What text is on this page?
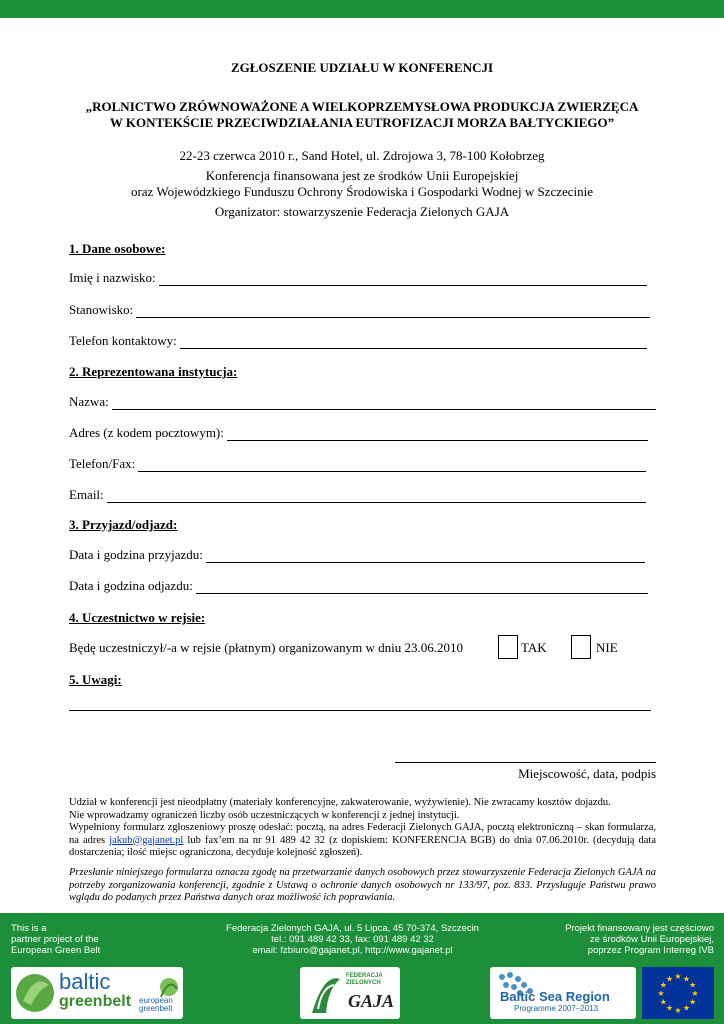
ZGŁOSZENIE UDZIAŁU W KONFERENCJI
„ROLNICTWO ZRÓWNOWAŻONE A WIELKOPRZEMYSŁOWA PRODUKCJA ZWIERZĘCA
W KONTEKŚCIE PRZECIWDZIAŁANIA EUTROFIZACJI MORZA BAŁTYCKIEGO”
22-23 czerwca 2010 r., Sand Hotel, ul. Zdrojowa 3, 78-100 Kołobrzeg
Konferencja finansowana jest ze środków Unii Europejskiej
oraz Wojewódzkiego Funduszu Ochrony Środowiska i Gospodarki Wodnej w Szczecinie
Organizator: stowarzyszenie Federacja Zielonych GAJA
1. Dane osobowe:
Imię i nazwisko:
Stanowisko:
Telefon kontaktowy:
2. Reprezentowana instytucja:
Nazwa:
Adres (z kodem pocztowym):
Telefon/Fax:
Email:
3. Przyjazd/odjazd:
Data i godzina przyjazdu:
Data i godzina odjazdu:
4. Uczestnictwo w rejsie:
Będę uczestniczył/-a w rejsie (płatnym) organizowanym w dniu 23.06.2010	TAK	NIE
5. Uwagi:
Miejscowość, data, podpis
Udział w konferencji jest nieodpłatny (materiały konferencyjne, zakwaterowanie, wyżywienie). Nie zwracamy kosztów dojazdu.
Nie wprowadzamy ograniczeń liczby osób uczestniczących w konferencji z jednej instytucji.
Wypełniony formularz zgłoszeniowy proszę odesłać: pocztą, na adres Federacji Zielonych GAJA, pocztą elektroniczną – skan formularza, na adres jakub@gajanet.pl lub fax’em na nr 91 489 42 32 (z dopiskiem: KONFERENCJA BGB) do dnia 07.06.2010r. (decydują data dostarczenia; ilość miejsc ograniczona, decyduje kolejność zgłoszeń).
Przesłanie niniejszego formularza oznacza zgodę na przetwarzanie danych osobowych przez stowarzyszenie Federacja Zielonych GAJA na potrzeby zorganizowania konferencji, zgodnie z Ustawą o ochronie danych osobowych nr 133/97, poz. 833. Przysługuje Państwu prawo wglądu do podanych przez Państwa danych oraz możliwość ich poprawiania.
This is a
partner project of the
European Green Belt
Federacja Zielonych GAJA, ul. 5 Lipca, 45 70-374, Szczecin
tel.: 091 489 42 33, fax: 091 489 42 32
email: fzbiuro@gajanet.pl, http://www.gajanet.pl
Projekt finansowany jest częściowo
ze środków Unii Europejskiej,
poprzez Program Interreg IVB
baltic
greenbelt european
greenbelt
FEDERACJA ZIELONYCH
GAJA	Baltic Sea Region
Programme 2007–2013
★ ★
★
★
★
★
★
★
★
★
★
★
